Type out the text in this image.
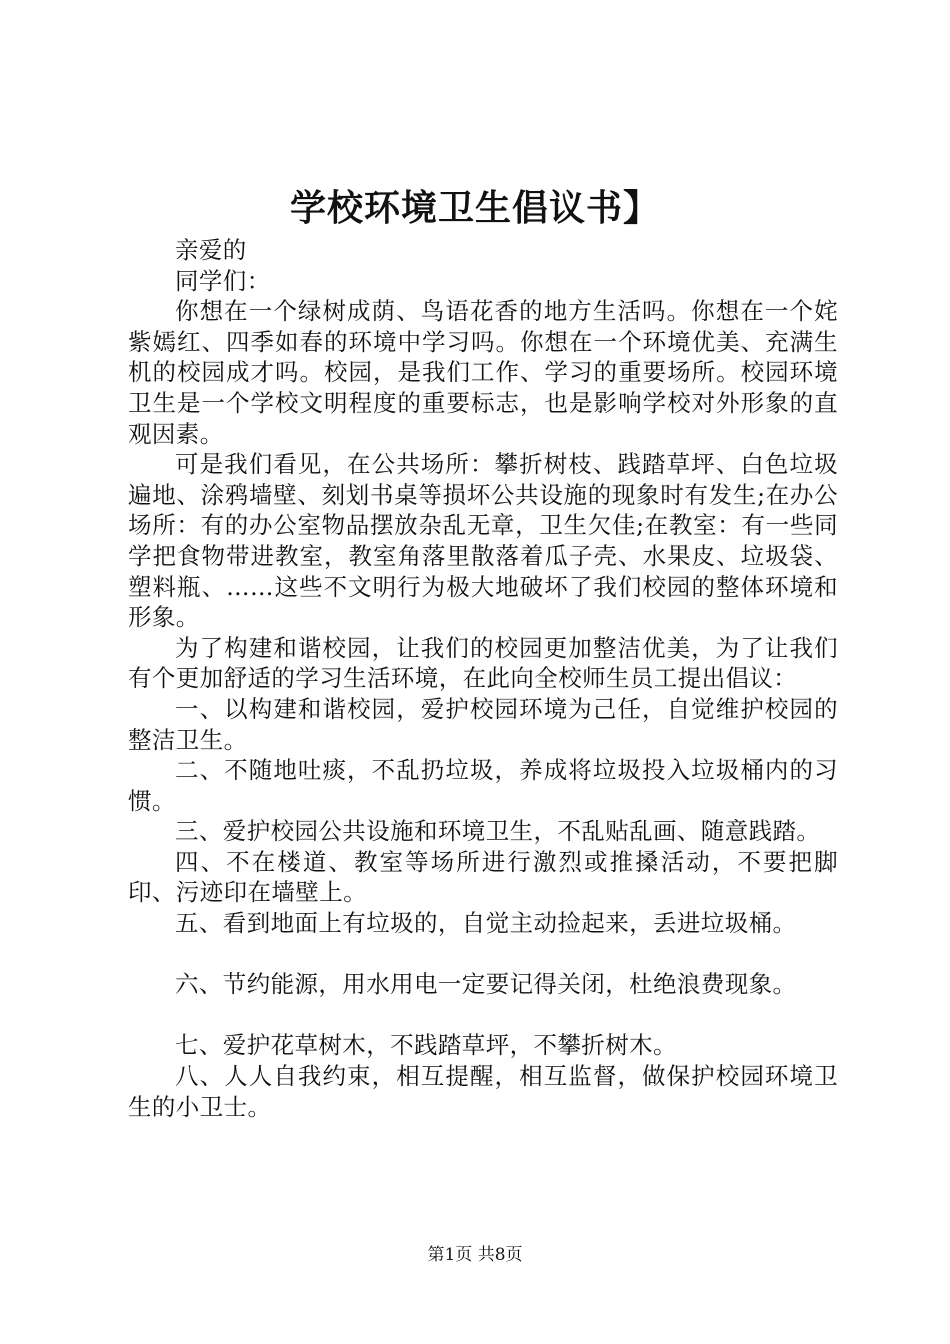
学校环境卫生倡议书】

亲爱的

同学们：

你想在一个绿树成荫、鸟语花香的地方生活吗。你想在一个姹紫嫣红、四季如春的环境中学习吗。你想在一个环境优美、充满生机的校园成才吗。校园，是我们工作、学习的重要场所。校园环境卫生是一个学校文明程度的重要标志，也是影响学校对外形象的直观因素。

可是我们看见，在公共场所：攀折树枝、践踏草坪、白色垃圾遍地、涂鸦墙壁、刻划书桌等损坏公共设施的现象时有发生;在办公场所：有的办公室物品摆放杂乱无章，卫生欠佳;在教室：有一些同学把食物带进教室，教室角落里散落着瓜子壳、水果皮、垃圾袋、塑料瓶、……这些不文明行为极大地破坏了我们校园的整体环境和形象。

为了构建和谐校园，让我们的校园更加整洁优美，为了让我们有个更加舒适的学习生活环境，在此向全校师生员工提出倡议：

一、以构建和谐校园，爱护校园环境为己任，自觉维护校园的整洁卫生。

二、不随地吐痰，不乱扔垃圾，养成将垃圾投入垃圾桶内的习惯。

三、爱护校园公共设施和环境卫生，不乱贴乱画、随意践踏。

四、不在楼道、教室等场所进行激烈或推搡活动，不要把脚印、污迹印在墙壁上。

五、看到地面上有垃圾的，自觉主动捡起来，丢进垃圾桶。

六、节约能源，用水用电一定要记得关闭，杜绝浪费现象。

七、爱护花草树木，不践踏草坪，不攀折树木。

八、人人自我约束，相互提醒，相互监督，做保护校园环境卫生的小卫士。

第1页 共8页
